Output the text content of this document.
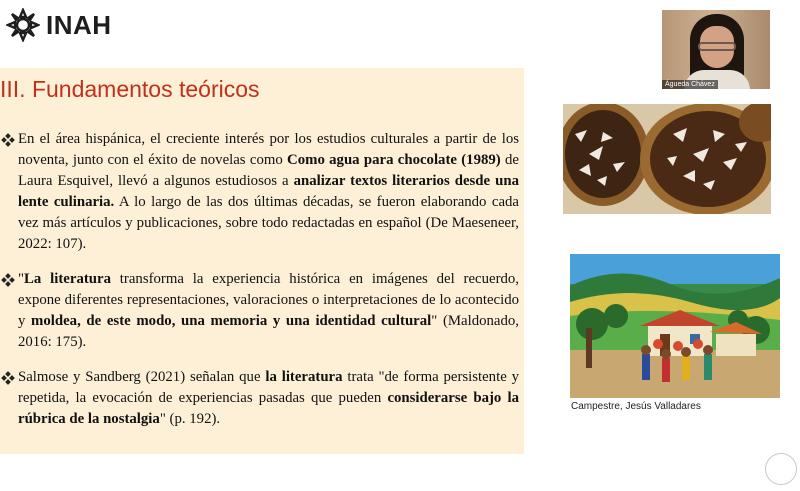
INAH
III. Fundamentos teóricos
En el área hispánica, el creciente interés por los estudios culturales a partir de los noventa, junto con el éxito de novelas como Como agua para chocolate (1989) de Laura Esquivel, llevó a algunos estudiosos a analizar textos literarios desde una lente culinaria. A lo largo de las dos últimas décadas, se fueron elaborando cada vez más artículos y publicaciones, sobre todo redactadas en español (De Maeseneer, 2022: 107).
"La literatura transforma la experiencia histórica en imágenes del recuerdo, expone diferentes representaciones, valoraciones o interpretaciones de lo acontecido y moldea, de este modo, una memoria y una identidad cultural" (Maldonado, 2016: 175).
Salmose y Sandberg (2021) señalan que la literatura trata "de forma persistente y repetida, la evocación de experiencias pasadas que pueden considerarse bajo la rúbrica de la nostalgia" (p. 192).
Águeda Chávez
Campestre, Jesús Valladares
